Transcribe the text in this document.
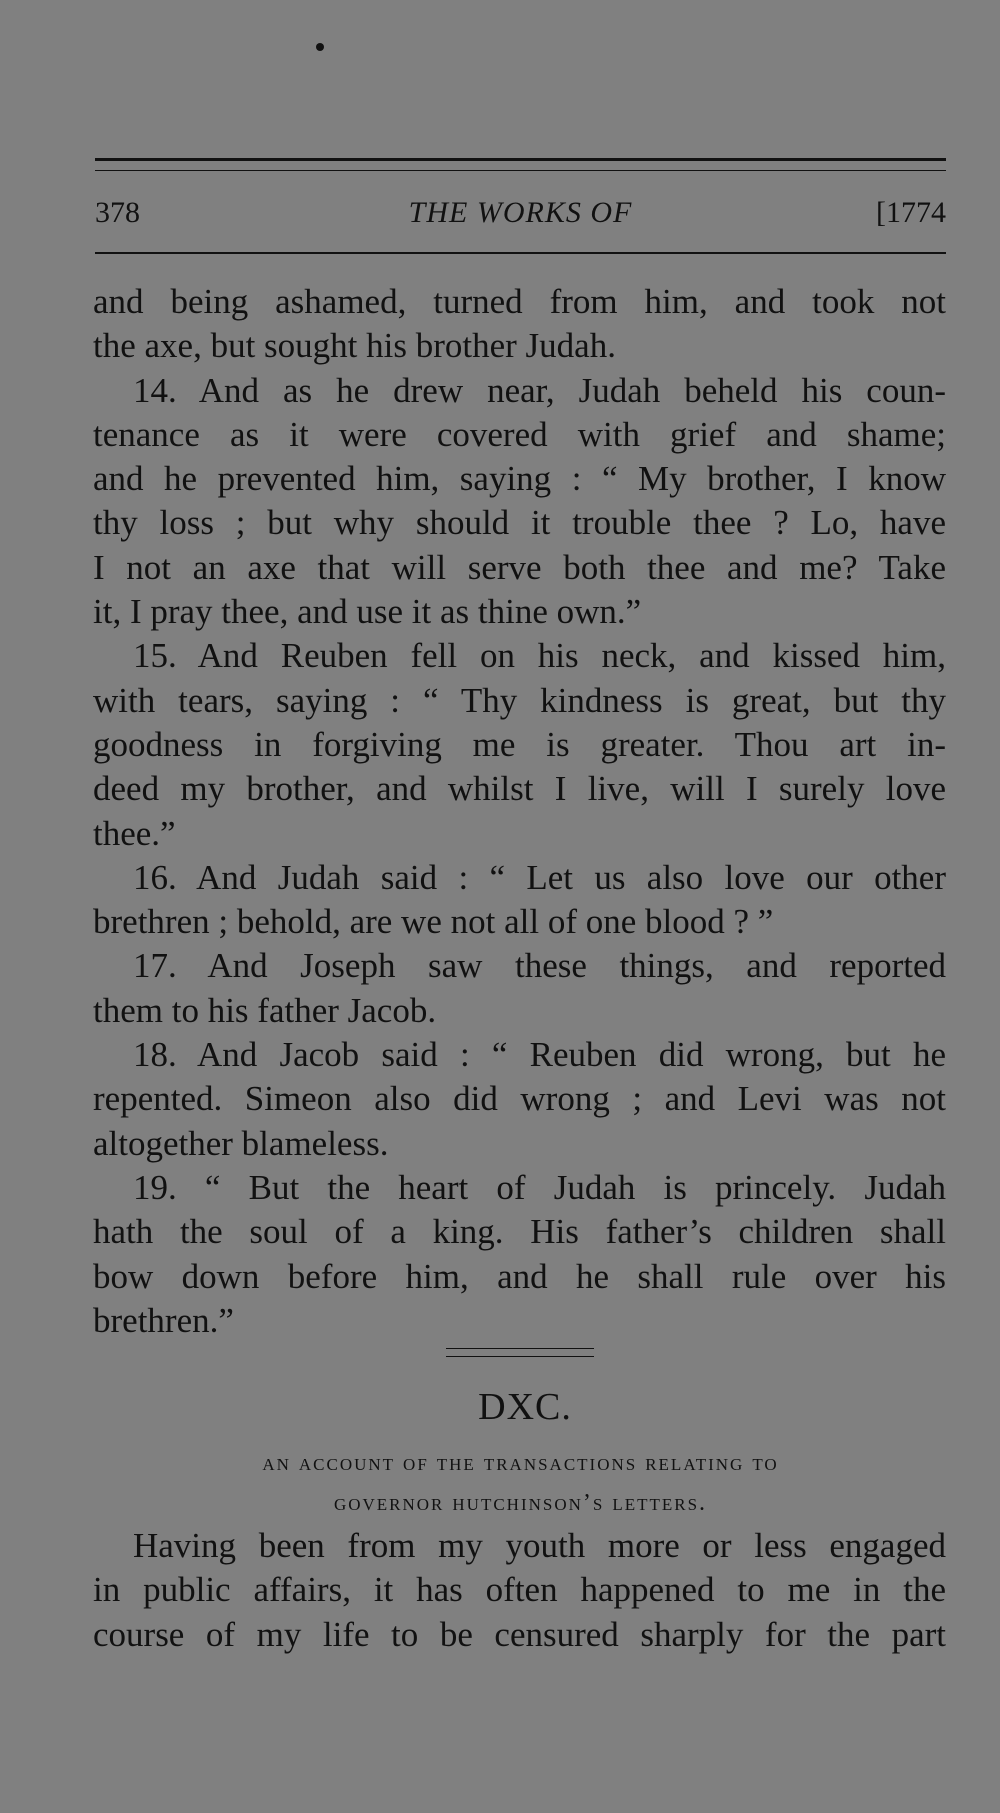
378	THE WORKS OF	[1774
and being ashamed, turned from him, and took not
the axe, but sought his brother Judah.
14. And as he drew near, Judah beheld his coun-
tenance as it were covered with grief and shame;
and he prevented him, saying : “ My brother, I know
thy loss ; but why should it trouble thee ? Lo, have
I not an axe that will serve both thee and me? Take
it, I pray thee, and use it as thine own.”
15. And Reuben fell on his neck, and kissed him,
with tears, saying : “ Thy kindness is great, but thy
goodness in forgiving me is greater. Thou art in-
deed my brother, and whilst I live, will I surely love
thee.”
16. And Judah said : “ Let us also love our other
brethren ; behold, are we not all of one blood ? ”
17. And Joseph saw these things, and reported
them to his father Jacob.
18. And Jacob said : “ Reuben did wrong, but he
repented. Simeon also did wrong ; and Levi was not
altogether blameless.
19. “ But the heart of Judah is princely. Judah
hath the soul of a king. His father’s children shall
bow down before him, and he shall rule over his
brethren.”
DXC.
an account of the transactions relating to
governor hutchinson’s letters.
Having been from my youth more or less engaged
in public affairs, it has often happened to me in the
course of my life to be censured sharply for the part
